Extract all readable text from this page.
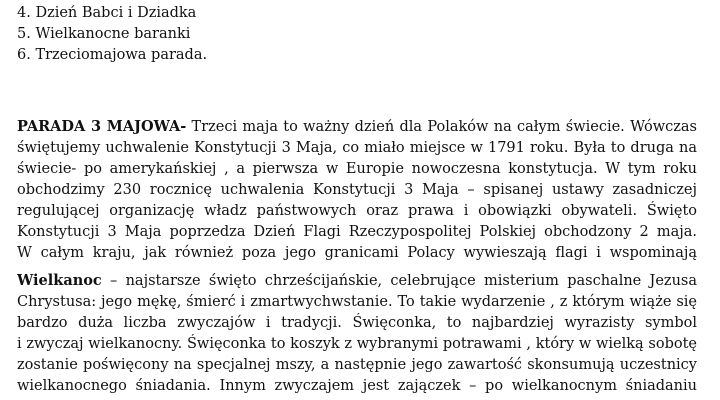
4. Dzień Babci i Dziadka
5. Wielkanocne baranki
6. Trzeciomajowa parada.
PARADA 3 MAJOWA- Trzeci maja to ważny dzień dla Polaków na całym świecie. Wówczas
świętujemy uchwalenie Konstytucji 3 Maja, co miało miejsce w 1791 roku. Była to druga na
świecie- po amerykańskiej , a pierwsza w Europie nowoczesna konstytucja. W tym roku
obchodzimy 230 rocznicę uchwalenia Konstytucji 3 Maja – spisanej ustawy zasadniczej
regulującej organizację władz państwowych oraz prawa i obowiązki obywateli. Święto
Konstytucji 3 Maja poprzedza Dzień Flagi Rzeczypospolitej Polskiej obchodzony 2 maja.
W całym kraju, jak również poza jego granicami Polacy wywieszają flagi i wspominają
Wielkanoc – najstarsze święto chrześcijańskie, celebrujące misterium paschalne Jezusa
Chrystusa: jego mękę, śmierć i zmartwychwstanie. To takie wydarzenie , z którym wiąże się
bardzo duża liczba zwyczajów i tradycji. Święconka, to najbardziej wyrazisty symbol
i zwyczaj wielkanocny. Święconka to koszyk z wybranymi potrawami , który w wielką sobotę
zostanie poświęcony na specjalnej mszy, a następnie jego zawartość skonsumują uczestnicy
wielkanocnego śniadania. Innym zwyczajem jest zajączek – po wielkanocnym śniadaniu
